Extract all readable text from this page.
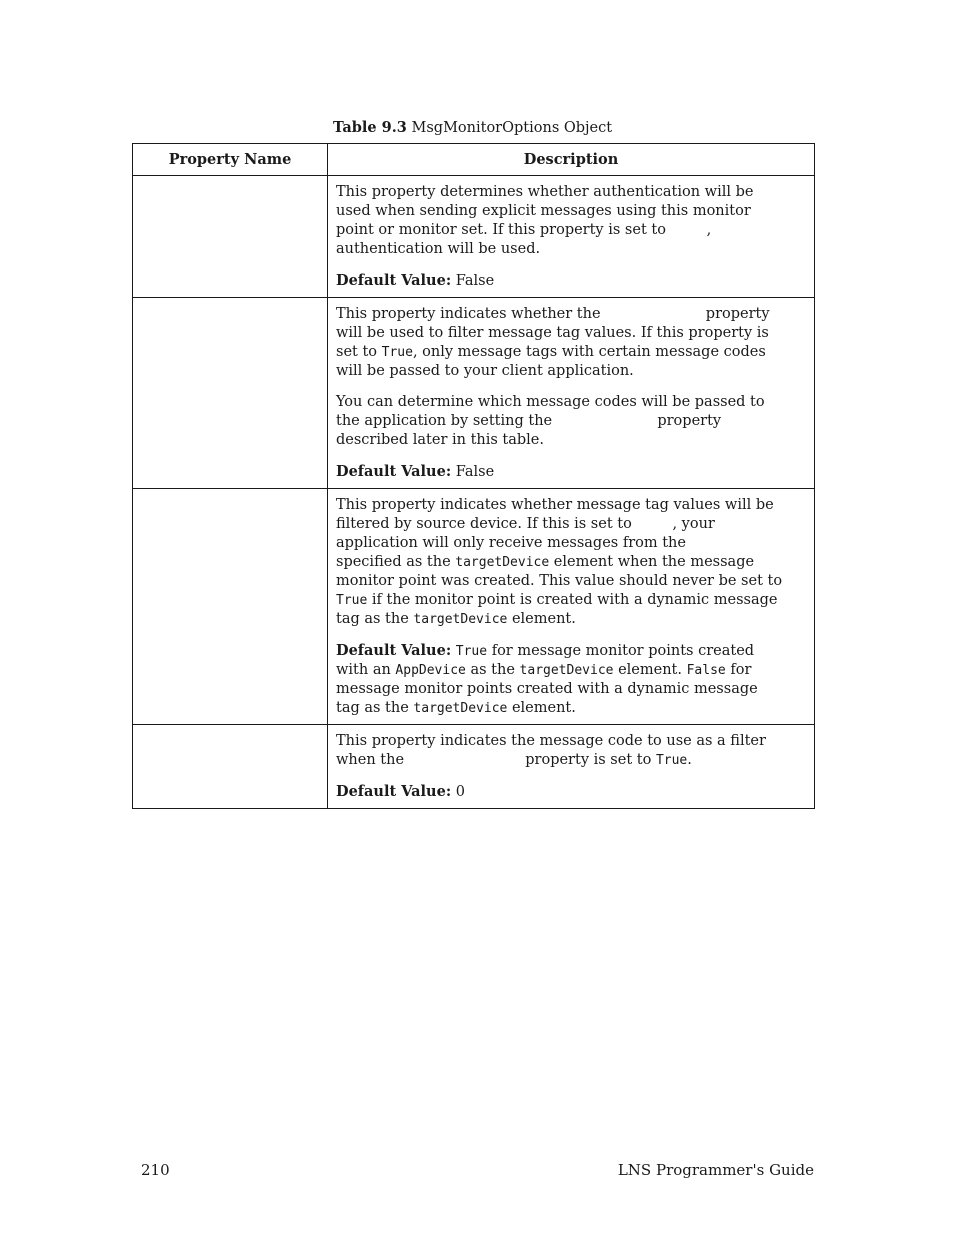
Table 9.3 MsgMonitorOptions Object
Property Name	Description

	This property determines whether authentication will be used when sending explicit messages using this monitor point or monitor set. If this property is set to , authentication will be used.

Default Value: False

	This property indicates whether the property will be used to filter message tag values. If this property is set to True, only message tags with certain message codes will be passed to your client application.

You can determine which message codes will be passed to the application by setting the property described later in this table.

Default Value: False

	This property indicates whether message tag values will be filtered by source device. If this is set to , your application will only receive messages from the
specified as the targetDevice element when the message monitor point was created. This value should never be set to True if the monitor point is created with a dynamic message tag as the targetDevice element.

Default Value: True for message monitor points created with an AppDevice as the targetDevice element. False for message monitor points created with a dynamic message tag as the targetDevice element.

	This property indicates the message code to use as a filter when the property is set to True.

Default Value: 0

210	LNS Programmer's Guide
